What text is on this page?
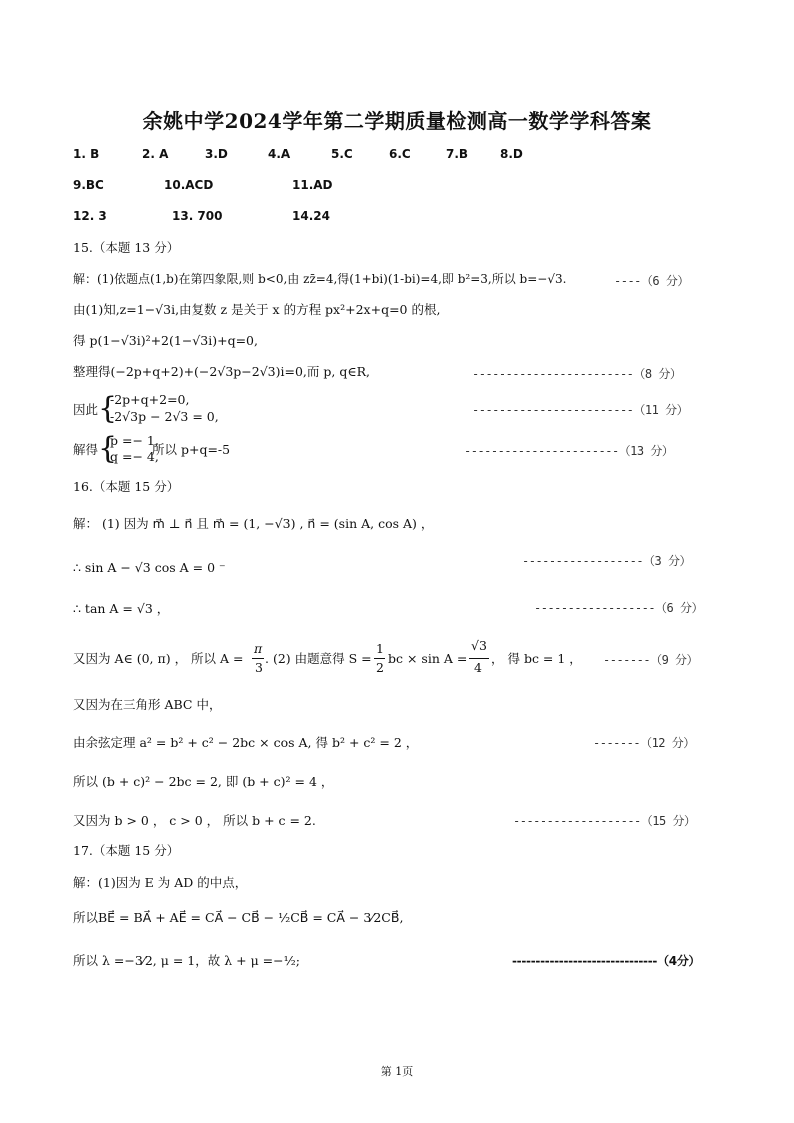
余姚中学2024学年第二学期质量检测高一数学学科答案
1. B	2. A	3.D	4.A	5.C	6.C	7.B	8.D
9.BC	10.ACD	11.AD
12. 3	13. 700	14.24
15.（本题 13 分）
解：(1)依题点(1,b)在第四象限,则 b<0,由 zz̄=4,得(1+bi)(1-bi)=4,即 b²=3,所以 b=−√3.	----（6 分）
由(1)知,z=1−√3i,由复数 z 是关于 x 的方程 px²+2x+q=0 的根,
得 p(1−√3i)²+2(1−√3i)+q=0,
整理得(−2p+q+2)+(−2√3p−2√3)i=0,而 p, q∈R,	------------------------（8 分）
因此 {
-2p+q+2=0,
-2√3p − 2√3 = 0,	------------------------（11 分）
解得 {
p =− 1,
q =− 4,
所以 p+q=-5	-----------------------（13 分）
16.（本题 15 分）
解： (1) 因为 m⃗ ⊥ n⃗ 且 m⃗ = (1, −√3) , n⃗ = (sin A, cos A) ，
∴ sin A − √3 cos A = 0 ⁻	------------------（3 分）
∴ tan A = √3 ，	------------------（6 分）
又因为 A∈ (0, π) ， 所以 A =
π
3
. (2) 由题意得 S =
1
2
bc × sin A =
√3
4
， 得 bc = 1 ， -------（9 分）
又因为在三角形 ABC 中，
由余弦定理 a² = b² + c² − 2bc × cos A, 得 b² + c² = 2 ，	-------（12 分）
所以 (b + c)² − 2bc = 2, 即 (b + c)² = 4 ，
又因为 b > 0 ， c > 0 ， 所以 b + c = 2.	-------------------（15 分）
17.（本题 15 分）
解：(1)因为 E 为 AD 的中点，
所以BE⃗ = BA⃗ + AE⃗ = CA⃗ − CB⃗ − ½CB⃗ = CA⃗ − 3⁄2CB⃗,
所以 λ =−3⁄2, μ = 1，故 λ + μ =−½;	-------------------------------（4分）
第 1页
